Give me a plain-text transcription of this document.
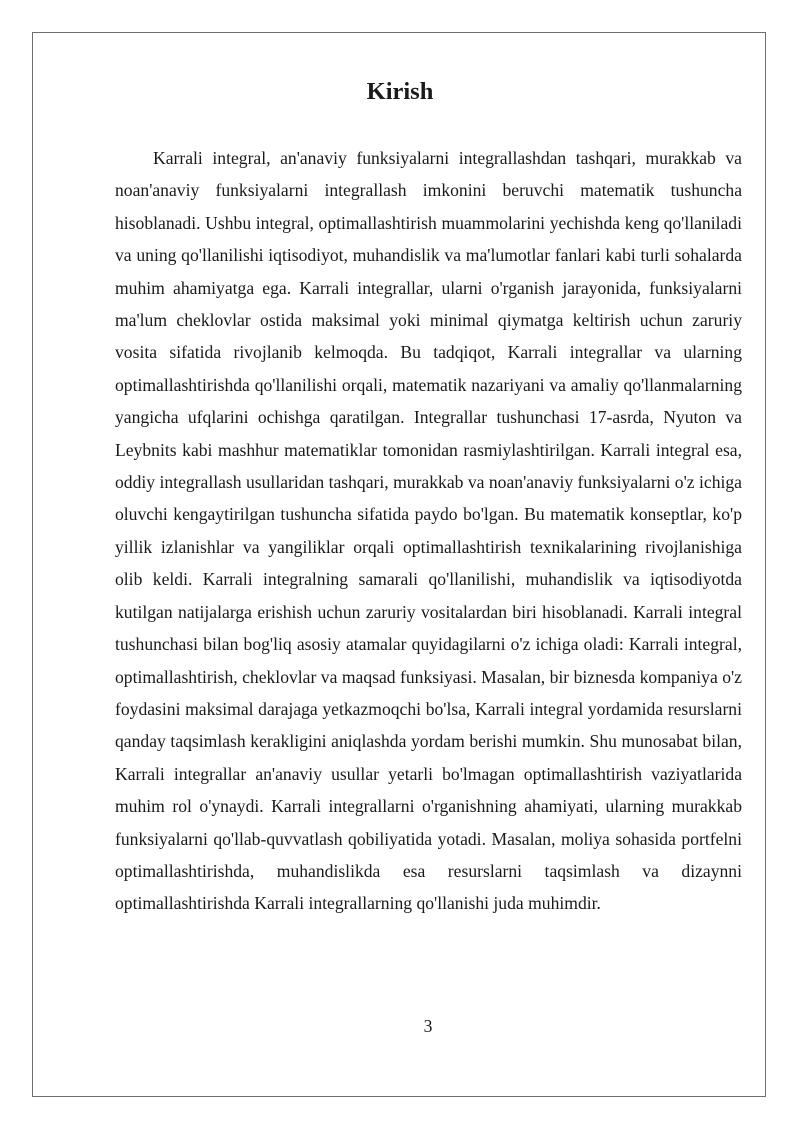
Kirish

Karrali integral, an'anaviy funksiyalarni integrallashdan tashqari, murakkab va noan'anaviy funksiyalarni integrallash imkonini beruvchi matematik tushuncha hisoblanadi. Ushbu integral, optimallashtirish muammolarini yechishda keng qo'llaniladi va uning qo'llanilishi iqtisodiyot, muhandislik va ma'lumotlar fanlari kabi turli sohalarda muhim ahamiyatga ega. Karrali integrallar, ularni o'rganish jarayonida, funksiyalarni ma'lum cheklovlar ostida maksimal yoki minimal qiymatga keltirish uchun zaruriy vosita sifatida rivojlanib kelmoqda. Bu tadqiqot, Karrali integrallar va ularning optimallashtirishda qo'llanilishi orqali, matematik nazariyani va amaliy qo'llanmalarning yangicha ufqlarini ochishga qaratilgan. Integrallar tushunchasi 17-asrda, Nyuton va Leybnits kabi mashhur matematiklar tomonidan rasmiylashtirilgan. Karrali integral esa, oddiy integrallash usullaridan tashqari, murakkab va noan'anaviy funksiyalarni o'z ichiga oluvchi kengaytirilgan tushuncha sifatida paydo bo'lgan. Bu matematik konseptlar, ko'p yillik izlanishlar va yangiliklar orqali optimallashtirish texnikalarining rivojlanishiga olib keldi. Karrali integralning samarali qo'llanilishi, muhandislik va iqtisodiyotda kutilgan natijalarga erishish uchun zaruriy vositalardan biri hisoblanadi. Karrali integral tushunchasi bilan bog'liq asosiy atamalar quyidagilarni o'z ichiga oladi: Karrali integral, optimallashtirish, cheklovlar va maqsad funksiyasi. Masalan, bir biznesda kompaniya o'z foydasini maksimal darajaga yetkazmoqchi bo'lsa, Karrali integral yordamida resurslarni qanday taqsimlash kerakligini aniqlashda yordam berishi mumkin. Shu munosabat bilan, Karrali integrallar an'anaviy usullar yetarli bo'lmagan optimallashtirish vaziyatlarida muhim rol o'ynaydi. Karrali integrallarni o'rganishning ahamiyati, ularning murakkab funksiyalarni qo'llab-quvvatlash qobiliyatida yotadi. Masalan, moliya sohasida portfelni optimallashtirishda, muhandislikda esa resurslarni taqsimlash va dizaynni optimallashtirishda Karrali integrallarning qo'llanishi juda muhimdir.

3
